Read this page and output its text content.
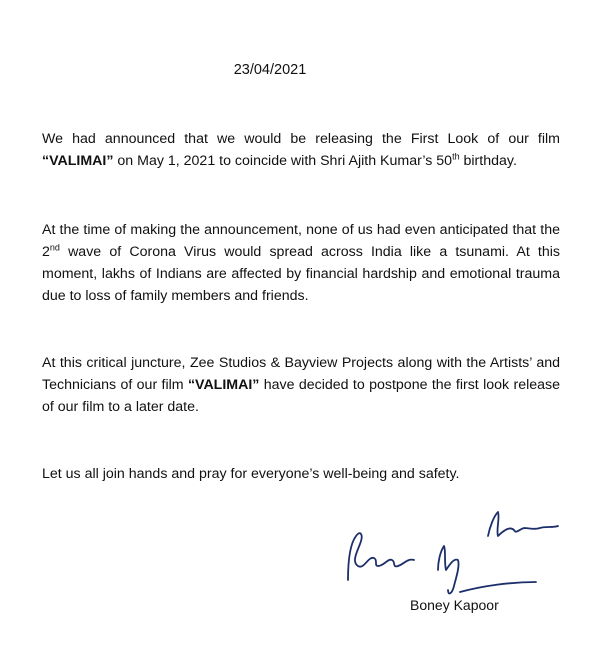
23/04/2021

We had announced that we would be releasing the First Look of our film “VALIMAI” on May 1, 2021 to coincide with Shri Ajith Kumar’s 50th birthday.

At the time of making the announcement, none of us had even anticipated that the 2nd wave of Corona Virus would spread across India like a tsunami. At this moment, lakhs of Indians are affected by financial hardship and emotional trauma due to loss of family members and friends.

At this critical juncture, Zee Studios & Bayview Projects along with the Artists’ and Technicians of our film “VALIMAI” have decided to postpone the first look release of our film to a later date.

Let us all join hands and pray for everyone’s well-being and safety.

Boney Kapoor
